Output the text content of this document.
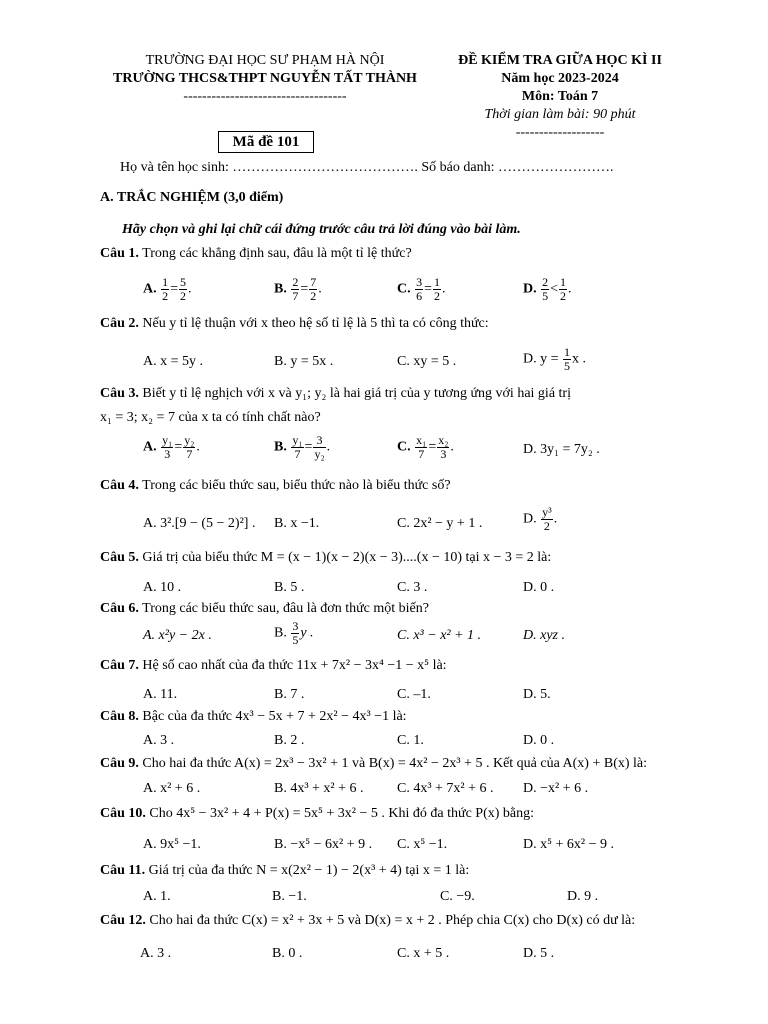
TRƯỜNG ĐẠI HỌC SƯ PHẠM HÀ NỘI
TRƯỜNG THCS&THPT NGUYỄN TẤT THÀNH
-----------------------------------
ĐỀ KIỂM TRA GIỮA HỌC KÌ II
Năm học 2023-2024
Môn: Toán 7
Thời gian làm bài: 90 phút
-------------------
Mã đề 101
Họ và tên học sinh: …………………………………. Số báo danh: …………………….
A. TRẮC NGHIỆM (3,0 điểm)
Hãy chọn và ghi lại chữ cái đứng trước câu trả lời đúng vào bài làm.
Câu 1. Trong các khẳng định sau, đâu là một tỉ lệ thức?
A. $\frac{1}{2} = \frac{5}{2}$ .	B. $\frac{2}{7} = \frac{7}{2}$ .	C. $\frac{3}{6} = \frac{1}{2}$ .	D. $\frac{2}{5} < \frac{1}{2}$ .
Câu 2. Nếu y tỉ lệ thuận với x theo hệ số tỉ lệ là 5 thì ta có công thức:
A. x = 5y .	B. y = 5x .	C. xy = 5 .	D. $y = \frac{1}{5}$ x .
Câu 3. Biết y tỉ lệ nghịch với x và y₁; y₂ là hai giá trị của y tương ứng với hai giá trị
x₁ = 3; x₂ = 7 của x ta có tính chất nào?
A. $\frac{\text{y₁}}{3} = \frac{\text{y₂}}{7}$ .	B. $\frac{\text{y₁}}{7} = \frac{3}{\text{y₂}}$ .	C. $\frac{\text{x₁}}{7} = \frac{\text{x₂}}{3}$ .	D. 3y₁ = 7y₂ .
Câu 4. Trong các biểu thức sau, biểu thức nào là biểu thức số?
A. 3².[9 − (5 − 2)²] . B. x −1.	C. 2x² − y + 1 .	D. $\frac{\text{y³}}{2}$ .
Câu 5. Giá trị của biểu thức M = (x − 1)(x − 2)(x − 3)....(x − 10) tại x − 3 = 2 là:
A. 10 .	B. 5 .	C. 3 .	D. 0 .
Câu 6. Trong các biểu thức sau, đâu là đơn thức một biến?
A. x²y − 2x .	B. $\frac{3}{5}$ y .	C. x³ − x² + 1 .	D. xyz .
Câu 7. Hệ số cao nhất của đa thức 11x + 7x² − 3x⁴ −1 − x⁵ là:
A. 11.	B. 7 .	C. –1.	D. 5.
Câu 8. Bậc của đa thức 4x³ − 5x + 7 + 2x² − 4x³ −1 là:
A. 3 .	B. 2 .	C. 1.	D. 0 .
Câu 9. Cho hai đa thức A(x) = 2x³ − 3x² + 1 và B(x) = 4x² − 2x³ + 5 . Kết quả của A(x) + B(x) là:
A. x² + 6 .	B. 4x³ + x² + 6 . C. 4x³ + 7x² + 6 . D. −x² + 6 .
Câu 10. Cho 4x⁵ − 3x² + 4 + P(x) = 5x⁵ + 3x² − 5 . Khi đó đa thức P(x) bằng:
A. 9x⁵ −1.	B. −x⁵ − 6x² + 9 . C. x⁵ −1.	D. x⁵ + 6x² − 9 .
Câu 11. Giá trị của đa thức N = x(2x² − 1) − 2(x³ + 4) tại x = 1 là:
A. 1.	B. −1.	C. −9.	D. 9 .
Câu 12. Cho hai đa thức C(x) = x² + 3x + 5 và D(x) = x + 2 . Phép chia C(x) cho D(x) có dư là:
A. 3 .	B. 0 .	C. x + 5 .	D. 5 .
